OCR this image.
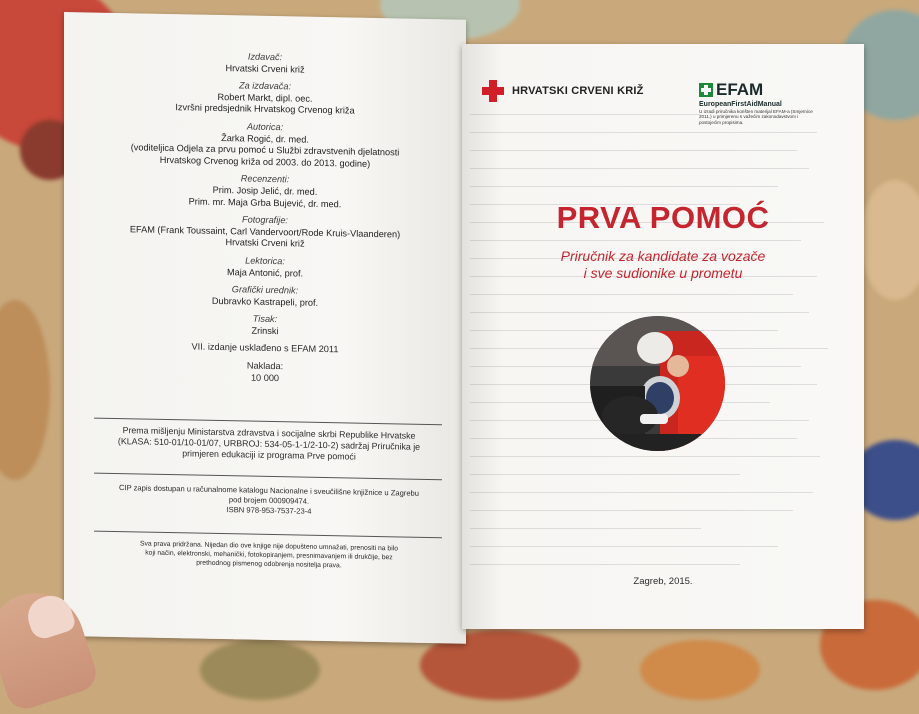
Izdavač:
Hrvatski Crveni križ
Za izdavača:
Robert Markt, dipl. oec.
Izvršni predsjednik Hrvatskog Crvenog križa
Autorica:
Žarka Rogić, dr. med.
(voditeljica Odjela za prvu pomoć u Službi zdravstvenih djelatnosti
Hrvatskog Crvenog križa od 2003. do 2013. godine)
Recenzenti:
Prim. Josip Jelić, dr. med.
Prim. mr. Maja Grba Bujević, dr. med.
Fotografije:
EFAM (Frank Toussaint, Carl Vandervoort/Rode Kruis-Vlaanderen)
Hrvatski Crveni križ
Lektorica:
Maja Antonić, prof.
Grafički urednik:
Dubravko Kastrapeli, prof.
Tisak:
Zrinski
VII. izdanje usklađeno s EFAM 2011
Naklada:
10 000
Prema mišljenju Ministarstva zdravstva i socijalne skrbi Republike Hrvatske
(KLASA: 510-01/10-01/07, URBROJ: 534-05-1-1/2-10-2) sadržaj Priručnika je
primjeren edukaciji iz programa Prve pomoći
CIP zapis dostupan u računalnome katalogu Nacionalne i sveučilišne knjižnice u Zagrebu
pod brojem 000909474.
ISBN 978-953-7537-23-4
Sva prava pridržana. Nijedan dio ove knjige nije dopušteno umnažati, prenositi na bilo
koji način, elektronski, mehanički, fotokopiranjem, presnimavanjem ili drukčije, bez
prethodnog pismenog odobrenja nositelja prava.
HRVATSKI CRVENI KRIŽ	EFAM
EuropeanFirstAidManual
U izradi priručnika korišten materijal EFAM-a (Smjernice 2011.) u primjerenu s važećim zakonodavstvom i postojećim propisima.
PRVA POMOĆ
Priručnik za kandidate za vozače
i sve sudionike u prometu
Zagreb, 2015.
